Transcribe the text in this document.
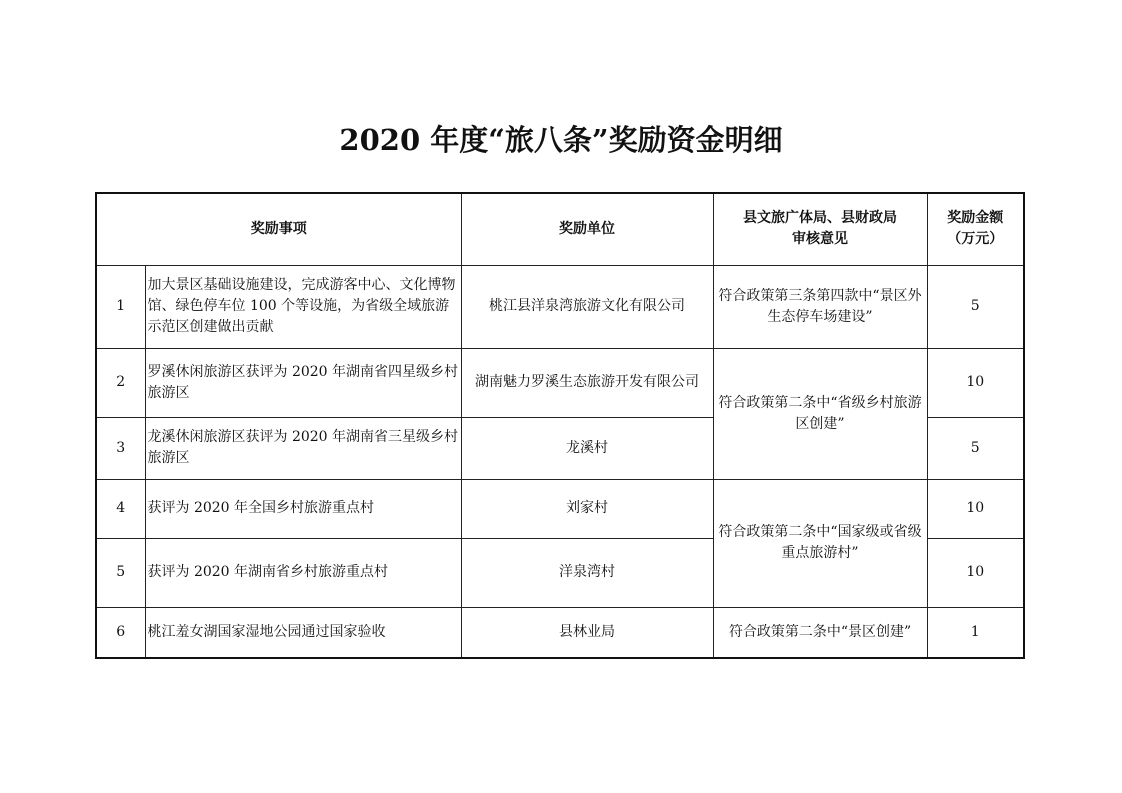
2020 年度“旅八条”奖励资金明细
奖励事项		奖励单位	县文旅广体局、县财政局
审核意见	奖励金额
（万元）

1	加大景区基础设施建设，完成游客中心、文化博物馆、绿色停车位 100 个等设施，为省级全域旅游示范区创建做出贡献	桃江县洋泉湾旅游文化有限公司	符合政策第三条第四款中“景区外生态停车场建设”	5
2	罗溪休闲旅游区获评为 2020 年湖南省四星级乡村旅游区	湖南魅力罗溪生态旅游开发有限公司	符合政策第二条中“省级乡村旅游区创建”	10
3	龙溪休闲旅游区获评为 2020 年湖南省三星级乡村旅游区	龙溪村		5
4	获评为 2020 年全国乡村旅游重点村	刘家村	符合政策第二条中“国家级或省级重点旅游村”	10
5	获评为 2020 年湖南省乡村旅游重点村	洋泉湾村		10
6	桃江羞女湖国家湿地公园通过国家验收	县林业局	符合政策第二条中“景区创建”	1
